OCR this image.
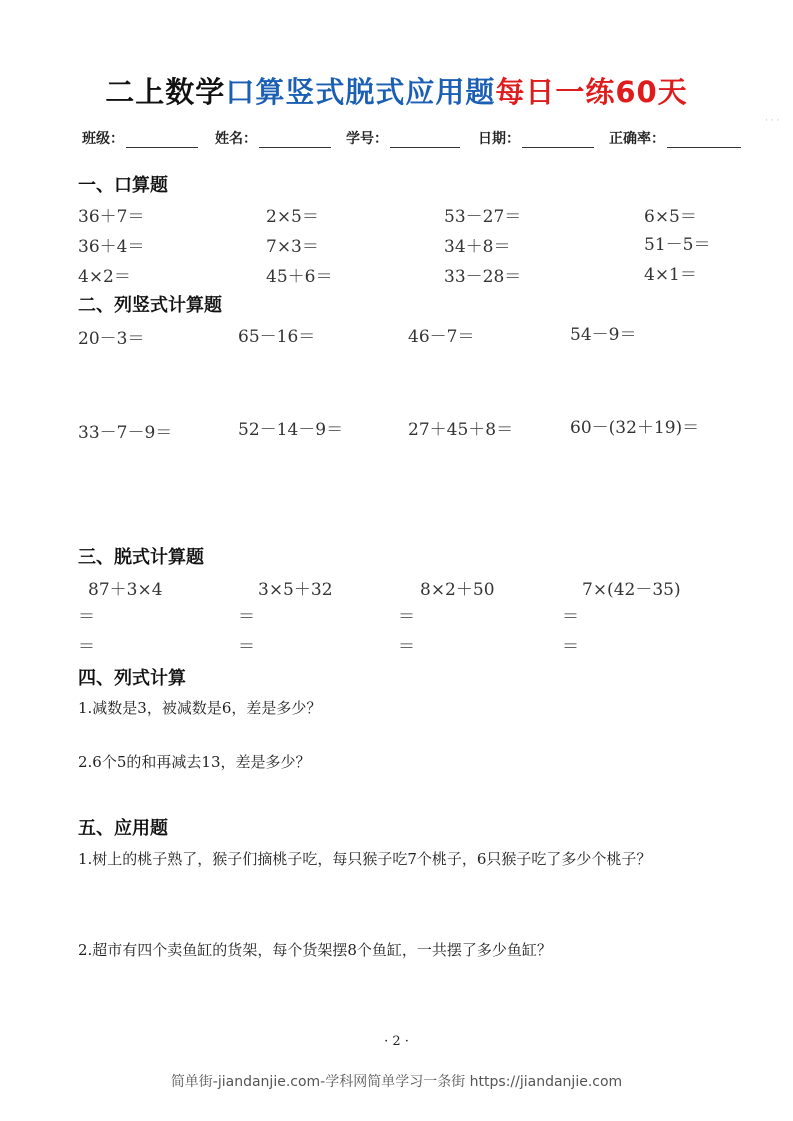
二上数学口算竖式脱式应用题每日一练60天
· · ·
班级：	姓名：	学号：	日期：	正确率：
一、口算题
36＋7＝	2×5＝	53－27＝	6×5＝
36＋4＝	7×3＝	34＋8＝	51－5＝
4×2＝	45＋6＝	33－28＝	4×1＝
二、列竖式计算题
20－3＝	65－16＝	46－7＝	54－9＝
33－7－9＝	52－14－9＝	27＋45＋8＝	60－(32＋19)＝
三、脱式计算题
87＋3×4	3×5＋32	8×2＋50	7×(42－35)
＝	＝	＝	＝
＝	＝	＝	＝
四、列式计算
1.减数是3，被减数是6，差是多少？
2.6个5的和再减去13，差是多少？
五、应用题
1.树上的桃子熟了，猴子们摘桃子吃，每只猴子吃7个桃子，6只猴子吃了多少个桃子？
2.超市有四个卖鱼缸的货架，每个货架摆8个鱼缸，一共摆了多少鱼缸？
· 2 ·
简单街-jiandanjie.com-学科网简单学习一条街 https://jiandanjie.com
